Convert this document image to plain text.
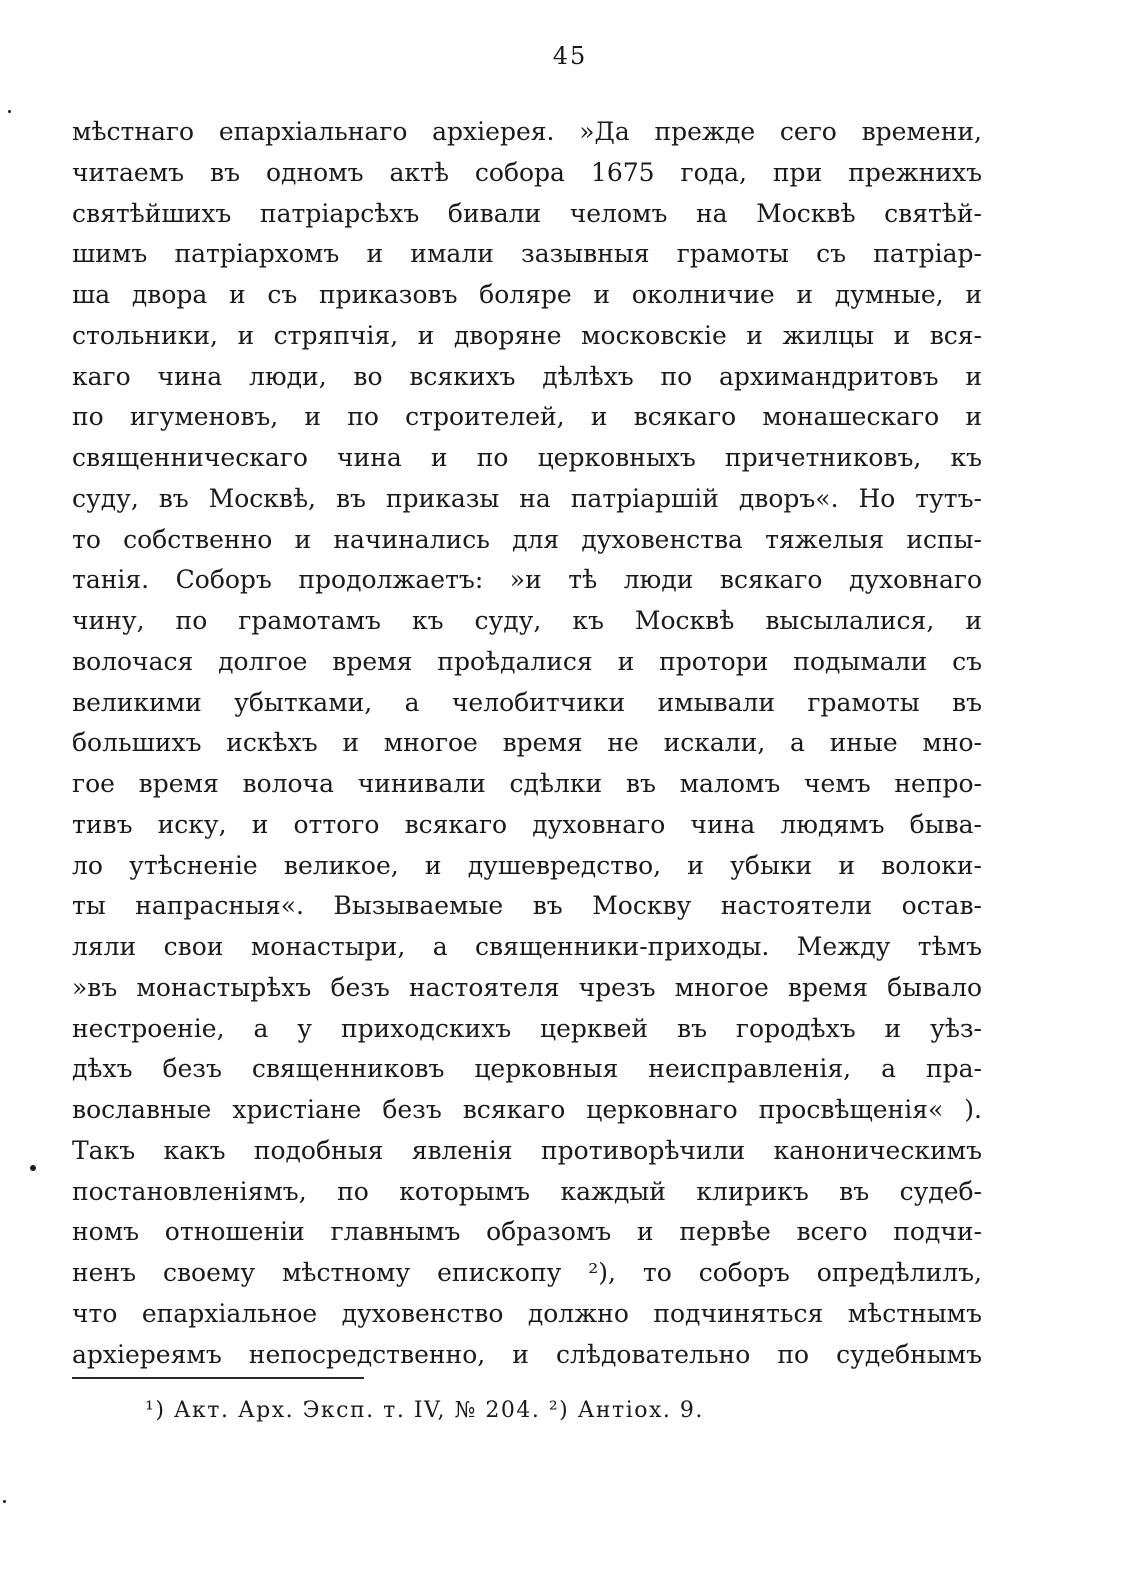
45
мѣстнаго епархіальнаго архіерея. »Да прежде сего времени,
читаемъ въ одномъ актѣ собора 1675 года, при прежнихъ
святѣйшихъ патріарсѣхъ бивали челомъ на Москвѣ святѣй-
шимъ патріархомъ и имали зазывныя грамоты съ патріар-
ша двора и съ приказовъ боляре и околничие и думные, и
стольники, и стряпчія, и дворяне московскіе и жилцы и вся-
каго чина люди, во всякихъ дѣлѣхъ по архимандритовъ и
по игуменовъ, и по строителей, и всякаго монашескаго и
священническаго чина и по церковныхъ причетниковъ, къ
суду, въ Москвѣ, въ приказы на патріаршій дворъ«. Но тутъ-
то собственно и начинались для духовенства тяжелыя испы-
танія. Соборъ продолжаетъ: »и тѣ люди всякаго духовнаго
чину, по грамотамъ къ суду, къ Москвѣ высылалися, и
волочася долгое время проѣдалися и протори подымали съ
великими убытками, а челобитчики имывали грамоты въ
большихъ искѣхъ и многое время не искали, а иные мно-
гое время волоча чинивали сдѣлки въ маломъ чемъ непро-
тивъ иску, и оттого всякаго духовнаго чина людямъ бывa-
ло утѣсненіе великое, и душевредство, и убыки и волоки-
ты напрасныя«. Вызываемые въ Москву настоятели остав-
ляли свои монастыри, а священники-приходы. Между тѣмъ
»въ монастырѣхъ безъ настоятеля чрезъ многое время бывало
нестроеніе, а у приходскихъ церквей въ городѣхъ и уѣз-
дѣхъ безъ священниковъ церковныя неисправленія, а пра-
вославные христіане безъ всякаго церковнаго просвѣщенія« ).
Такъ какъ подобныя явленія противорѣчили каноническимъ
постановленіямъ, по которымъ каждый клирикъ въ судеб-
номъ отношеніи главнымъ образомъ и первѣе всего подчи-
ненъ своему мѣстному епископу ²), то соборъ опредѣлилъ,
что епархіальное духовенство должно подчиняться мѣстнымъ
архіереямъ непосредственно, и слѣдовательно по судебнымъ
¹) Акт. Арх. Эксп. т. IV, № 204. ²) Антіох. 9.
